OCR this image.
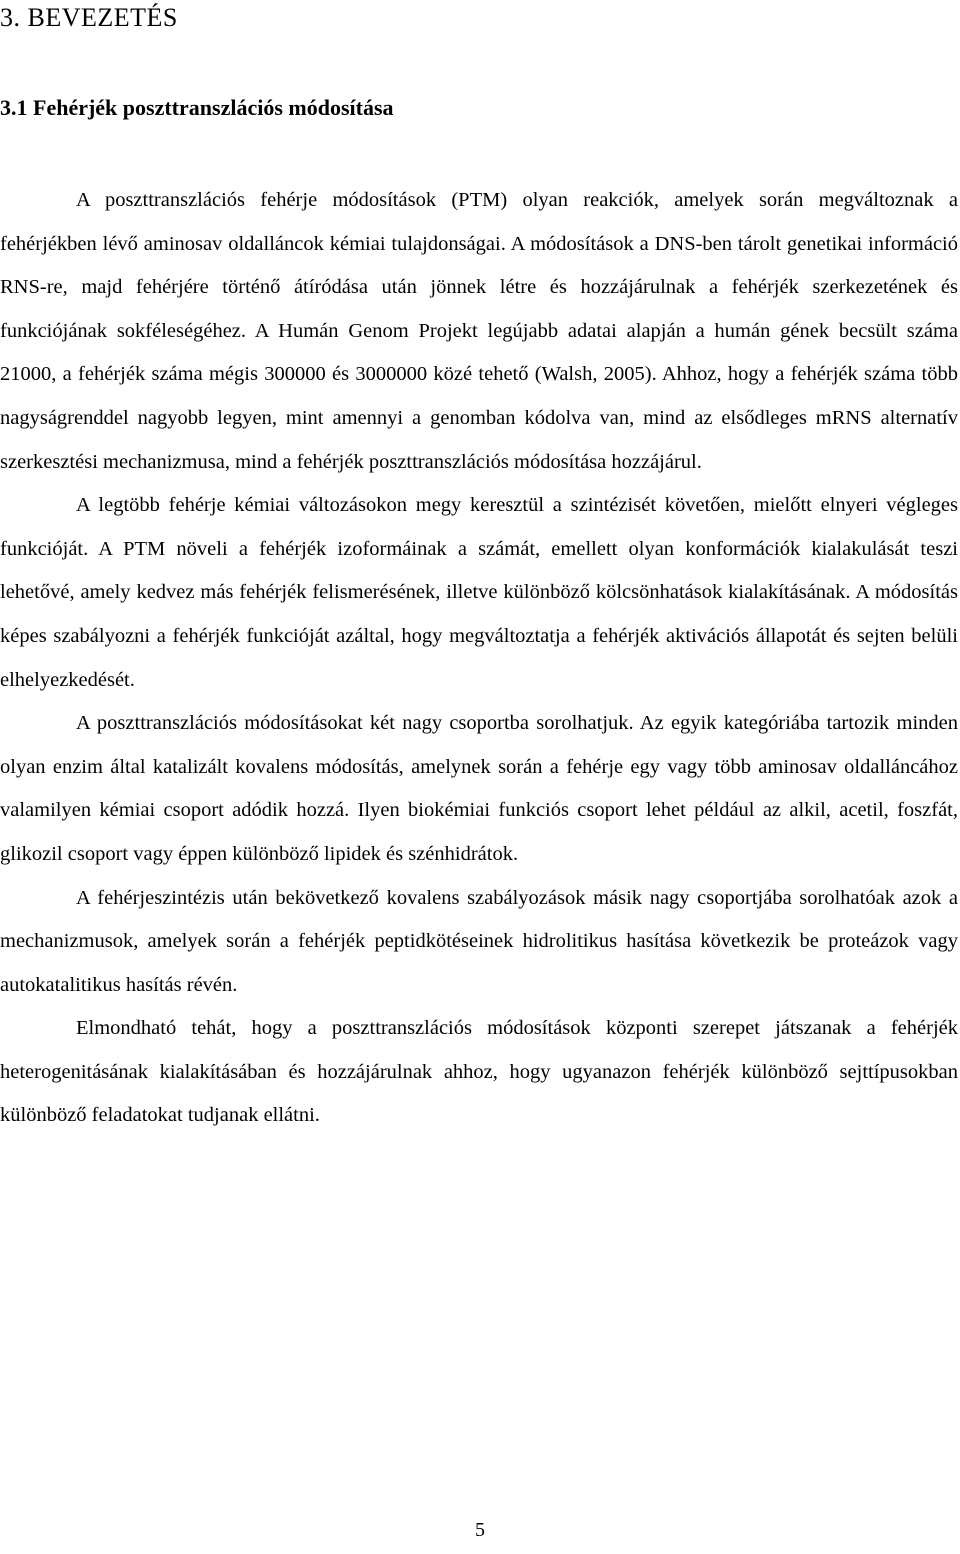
3. BEVEZETÉS
3.1 Fehérjék poszttranszlációs módosítása

A poszttranszlációs fehérje módosítások (PTM) olyan reakciók, amelyek során megváltoznak a fehérjékben lévő aminosav oldalláncok kémiai tulajdonságai. A módosítások a DNS-ben tárolt genetikai információ RNS-re, majd fehérjére történő átíródása után jönnek létre és hozzájárulnak a fehérjék szerkezetének és funkciójának sokféleségéhez. A Humán Genom Projekt legújabb adatai alapján a humán gének becsült száma 21000, a fehérjék száma mégis 300000 és 3000000 közé tehető (Walsh, 2005). Ahhoz, hogy a fehérjék száma több nagyságrenddel nagyobb legyen, mint amennyi a genomban kódolva van, mind az elsődleges mRNS alternatív szerkesztési mechanizmusa, mind a fehérjék poszttranszlációs módosítása hozzájárul.

A legtöbb fehérje kémiai változásokon megy keresztül a szintézisét követően, mielőtt elnyeri végleges funkcióját. A PTM növeli a fehérjék izoformáinak a számát, emellett olyan konformációk kialakulását teszi lehetővé, amely kedvez más fehérjék felismerésének, illetve különböző kölcsönhatások kialakításának. A módosítás képes szabályozni a fehérjék funkcióját azáltal, hogy megváltoztatja a fehérjék aktivációs állapotát és sejten belüli elhelyezkedését.

A poszttranszlációs módosításokat két nagy csoportba sorolhatjuk. Az egyik kategóriába tartozik minden olyan enzim által katalizált kovalens módosítás, amelynek során a fehérje egy vagy több aminosav oldalláncához valamilyen kémiai csoport adódik hozzá. Ilyen biokémiai funkciós csoport lehet például az alkil, acetil, foszfát, glikozil csoport vagy éppen különböző lipidek és szénhidrátok.

A fehérjeszintézis után bekövetkező kovalens szabályozások másik nagy csoportjába sorolhatóak azok a mechanizmusok, amelyek során a fehérjék peptidkötéseinek hidrolitikus hasítása következik be proteázok vagy autokatalitikus hasítás révén.

Elmondható tehát, hogy a poszttranszlációs módosítások központi szerepet játszanak a fehérjék heterogenitásának kialakításában és hozzájárulnak ahhoz, hogy ugyanazon fehérjék különböző sejttípusokban különböző feladatokat tudjanak ellátni.

5
